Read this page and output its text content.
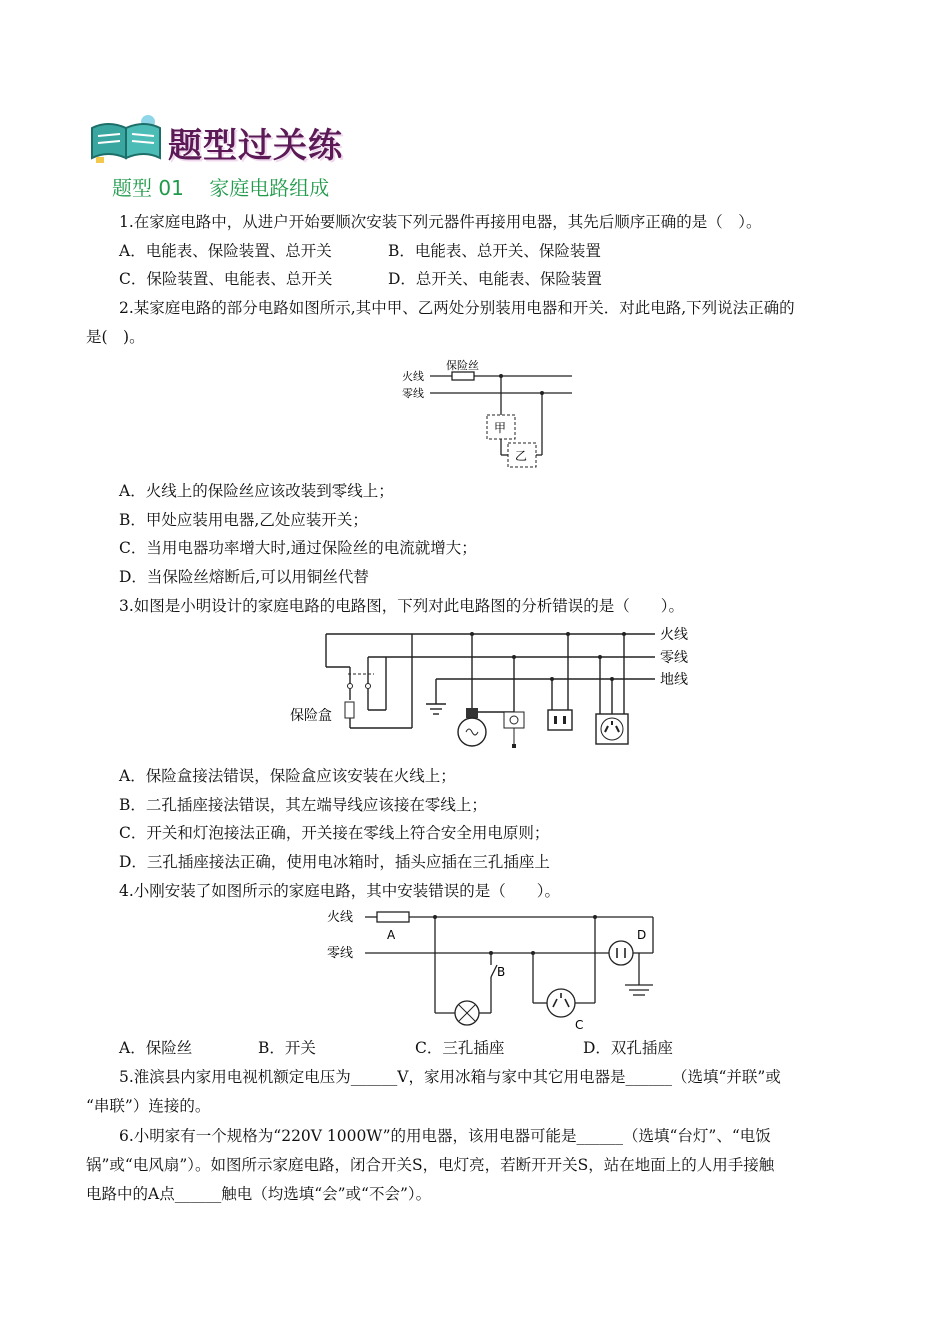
题型过关练
题型 01    家庭电路组成
1.在家庭电路中，从进户开始要顺次安装下列元器件再接用电器，其先后顺序正确的是（　）。
A．电能表、保险装置、总开关	B．电能表、总开关、保险装置
C．保险装置、电能表、总开关	D．总开关、电能表、保险装置
2.某家庭电路的部分电路如图所示,其中甲、乙两处分别装用电器和开关．对此电路,下列说法正确的
是(　)。
火线
零线
保险丝
甲
乙
A．火线上的保险丝应该改装到零线上；
B．甲处应装用电器,乙处应装开关；
C．当用电器功率增大时,通过保险丝的电流就增大；
D．当保险丝熔断后,可以用铜丝代替
3.如图是小明设计的家庭电路的电路图，下列对此电路图的分析错误的是（　　）。
火线
零线
地线
保险盒
A．保险盒接法错误，保险盒应该安装在火线上；
B．二孔插座接法错误，其左端导线应该接在零线上；
C．开关和灯泡接法正确，开关接在零线上符合安全用电原则；
D．三孔插座接法正确，使用电冰箱时，插头应插在三孔插座上
4.小刚安装了如图所示的家庭电路，其中安装错误的是（　　）。
火线
零线
A
B
C
D
A．保险丝	B．开关	C．三孔插座	D．双孔插座
5.淮滨县内家用电视机额定电压为______V，家用冰箱与家中其它用电器是______（选填“并联”或
“串联”）连接的。
6.小明家有一个规格为“220V 1000W”的用电器，该用电器可能是______（选填“台灯”、“电饭
锅”或“电风扇”）。如图所示家庭电路，闭合开关S，电灯亮，若断开开关S，站在地面上的人用手接触
电路中的A点______触电（均选填“会”或“不会”）。
